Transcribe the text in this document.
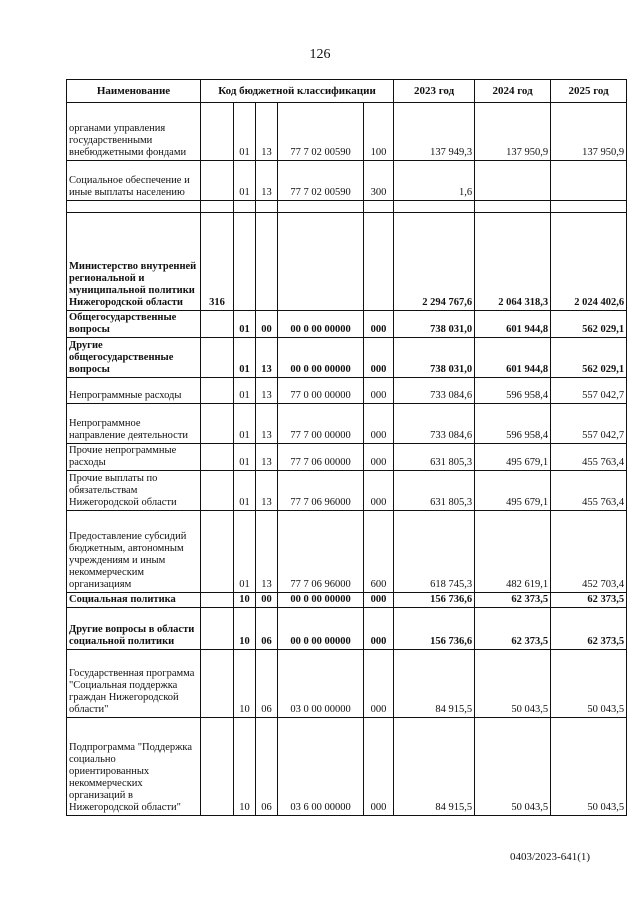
126
Наименование	Код бюджетной классификации					2023 год	2024 год	2025 год
органами управления государственными внебюджетными фондами		01	13	77 7 02 00590	100	137 949,3	137 950,9	137 950,9
Социальное обеспечение и иные выплаты населению		01	13	77 7 02 00590	300	1,6		

Министерство внутренней региональной и муниципальной политики Нижегородской области	316					2 294 767,6	2 064 318,3	2 024 402,6
Общегосударственные вопросы		01	00	00 0 00 00000	000	738 031,0	601 944,8	562 029,1
Другие общегосударственные вопросы		01	13	00 0 00 00000	000	738 031,0	601 944,8	562 029,1
Непрограммные расходы		01	13	77 0 00 00000	000	733 084,6	596 958,4	557 042,7
Непрограммное направление деятельности		01	13	77 7 00 00000	000	733 084,6	596 958,4	557 042,7
Прочие непрограммные расходы		01	13	77 7 06 00000	000	631 805,3	495 679,1	455 763,4
Прочие выплаты по обязательствам Нижегородской области		01	13	77 7 06 96000	000	631 805,3	495 679,1	455 763,4
Предоставление субсидий бюджетным, автономным учреждениям и иным некоммерческим организациям		01	13	77 7 06 96000	600	618 745,3	482 619,1	452 703,4
Социальная политика		10	00	00 0 00 00000	000	156 736,6	62 373,5	62 373,5
Другие вопросы в области социальной политики		10	06	00 0 00 00000	000	156 736,6	62 373,5	62 373,5
Государственная программа "Социальная поддержка граждан Нижегородской области"		10	06	03 0 00 00000	000	84 915,5	50 043,5	50 043,5
Подпрограмма "Поддержка социально ориентированных некоммерческих организаций в Нижегородской области"		10	06	03 6 00 00000	000	84 915,5	50 043,5	50 043,5
0403/2023-641(1)
